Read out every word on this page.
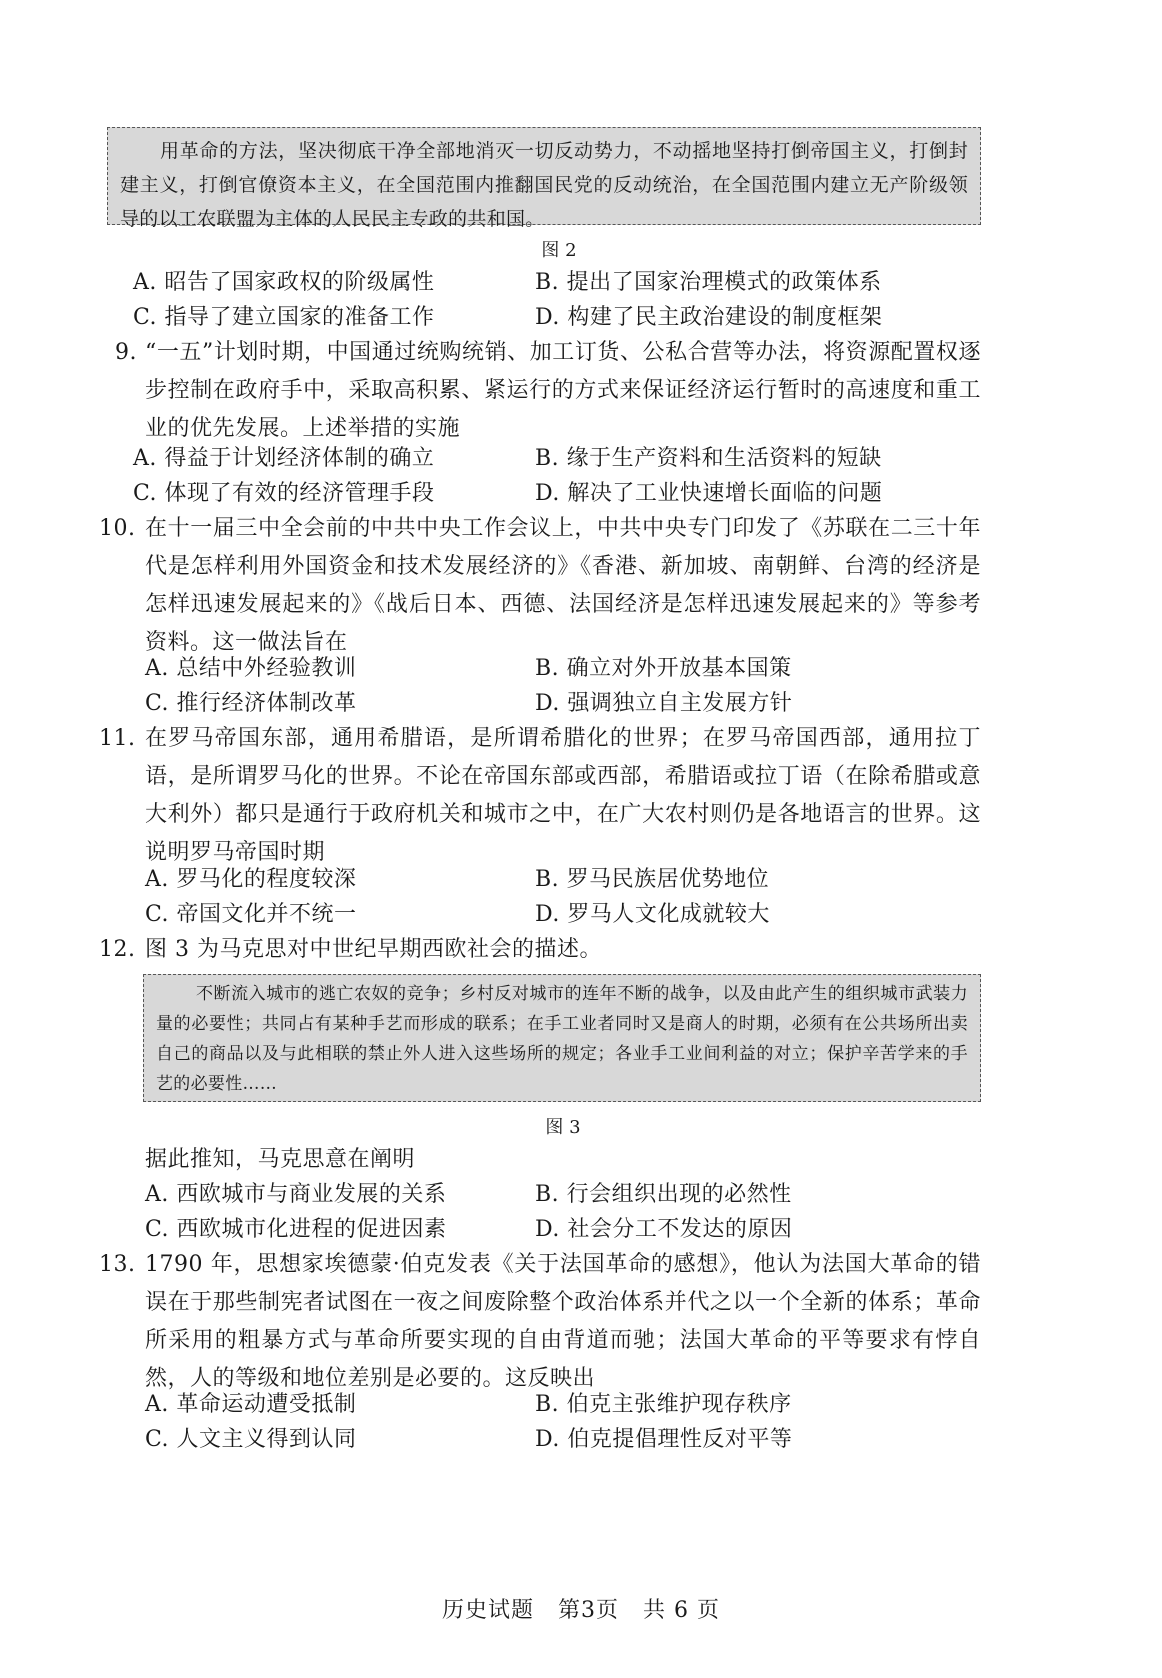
用革命的方法，坚决彻底干净全部地消灭一切反动势力，不动摇地坚持打倒帝国主义，打倒封建主义，打倒官僚资本主义，在全国范围内推翻国民党的反动统治，在全国范围内建立无产阶级领导的以工农联盟为主体的人民民主专政的共和国。

图 2
A. 昭告了国家政权的阶级属性	B. 提出了国家治理模式的政策体系
C. 指导了建立国家的准备工作	D. 构建了民主政治建设的制度框架
9. “一五”计划时期，中国通过统购统销、加工订货、公私合营等办法，将资源配置权逐步控制在政府手中，采取高积累、紧运行的方式来保证经济运行暂时的高速度和重工业的优先发展。上述举措的实施
A. 得益于计划经济体制的确立	B. 缘于生产资料和生活资料的短缺
C. 体现了有效的经济管理手段	D. 解决了工业快速增长面临的问题
10. 在十一届三中全会前的中共中央工作会议上，中共中央专门印发了《苏联在二三十年代是怎样利用外国资金和技术发展经济的》《香港、新加坡、南朝鲜、台湾的经济是怎样迅速发展起来的》《战后日本、西德、法国经济是怎样迅速发展起来的》等参考资料。这一做法旨在
A. 总结中外经验教训	B. 确立对外开放基本国策
C. 推行经济体制改革	D. 强调独立自主发展方针
11. 在罗马帝国东部，通用希腊语，是所谓希腊化的世界；在罗马帝国西部，通用拉丁语，是所谓罗马化的世界。不论在帝国东部或西部，希腊语或拉丁语（在除希腊或意大利外）都只是通行于政府机关和城市之中，在广大农村则仍是各地语言的世界。这说明罗马帝国时期
A. 罗马化的程度较深	B. 罗马民族居优势地位
C. 帝国文化并不统一	D. 罗马人文化成就较大
12. 图 3 为马克思对中世纪早期西欧社会的描述。

不断流入城市的逃亡农奴的竞争；乡村反对城市的连年不断的战争，以及由此产生的组织城市武装力量的必要性；共同占有某种手艺而形成的联系；在手工业者同时又是商人的时期，必须有在公共场所出卖自己的商品以及与此相联的禁止外人进入这些场所的规定；各业手工业间利益的对立；保护辛苦学来的手艺的必要性……

图 3
据此推知，马克思意在阐明
A. 西欧城市与商业发展的关系	B. 行会组织出现的必然性
C. 西欧城市化进程的促进因素	D. 社会分工不发达的原因
13. 1790 年，思想家埃德蒙·伯克发表《关于法国革命的感想》，他认为法国大革命的错误在于那些制宪者试图在一夜之间废除整个政治体系并代之以一个全新的体系；革命所采用的粗暴方式与革命所要实现的自由背道而驰；法国大革命的平等要求有悖自然，人的等级和地位差别是必要的。这反映出
A. 革命运动遭受抵制	B. 伯克主张维护现存秩序
C. 人文主义得到认同	D. 伯克提倡理性反对平等
历史试题 第3页 共 6 页
